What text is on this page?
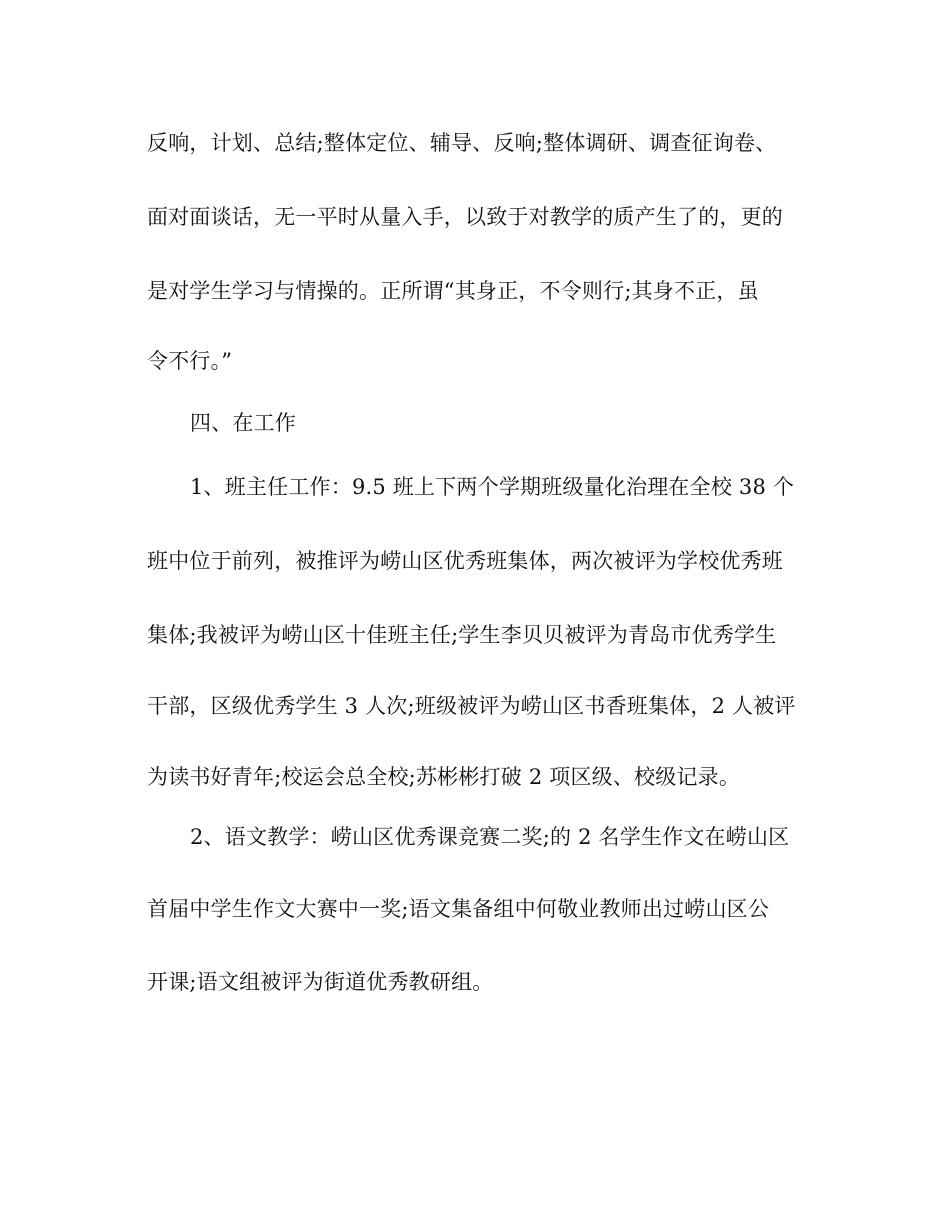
反响，计划、总结;整体定位、辅导、反响;整体调研、调查征询卷、
面对面谈话，无一平时从量入手，以致于对教学的质产生了的，更的
是对学生学习与情操的。正所谓“其身正，不令则行;其身不正，虽
令不行。”
四、在工作
1、班主任工作：9.5 班上下两个学期班级量化治理在全校 38 个
班中位于前列，被推评为崂山区优秀班集体，两次被评为学校优秀班
集体;我被评为崂山区十佳班主任;学生李贝贝被评为青岛市优秀学生
干部，区级优秀学生 3 人次;班级被评为崂山区书香班集体，2 人被评
为读书好青年;校运会总全校;苏彬彬打破 2 项区级、校级记录。
2、语文教学：崂山区优秀课竞赛二奖;的 2 名学生作文在崂山区
首届中学生作文大赛中一奖;语文集备组中何敬业教师出过崂山区公
开课;语文组被评为街道优秀教研组。
